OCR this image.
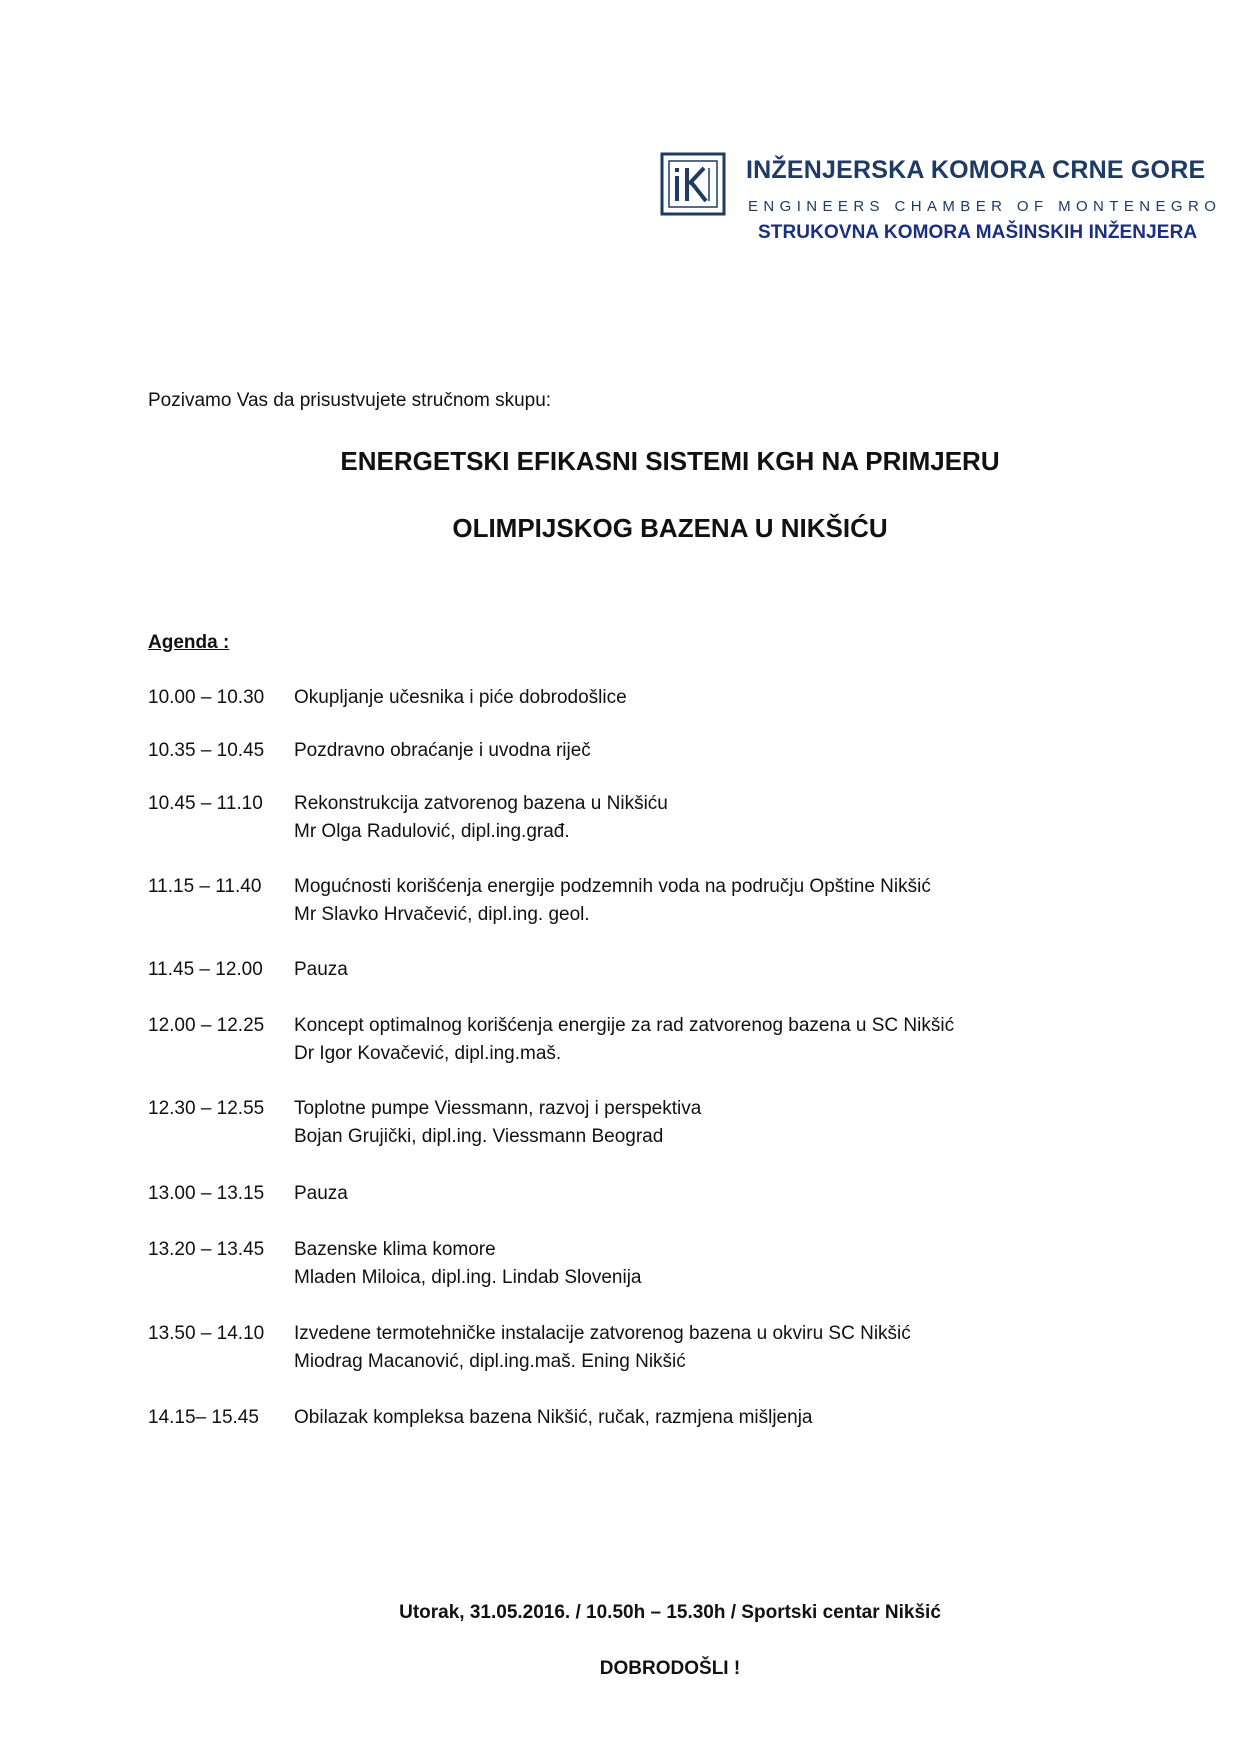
INŽENJERSKA KOMORA CRNE GORE
ENGINEERS CHAMBER OF MONTENEGRO
STRUKOVNA KOMORA MAŠINSKIH INŽENJERA
Pozivamo Vas da prisustvujete stručnom skupu:
ENERGETSKI EFIKASNI SISTEMI KGH NA PRIMJERU
OLIMPIJSKOG BAZENA U NIKŠIĆU
Agenda :
10.00 – 10.30	Okupljanje učesnika i piće dobrodošlice
10.35 – 10.45	Pozdravno obraćanje i uvodna riječ
10.45 – 11.10	Rekonstrukcija zatvorenog bazena u Nikšiću
Mr Olga Radulović, dipl.ing.građ.
11.15 – 11.40	Mogućnosti korišćenja energije podzemnih voda na području Opštine Nikšić
Mr Slavko Hrvačević, dipl.ing. geol.
11.45 – 12.00	Pauza
12.00 – 12.25	Koncept optimalnog korišćenja energije za rad zatvorenog bazena u SC Nikšić
Dr Igor Kovačević, dipl.ing.maš.
12.30 – 12.55	Toplotne pumpe Viessmann, razvoj i perspektiva
Bojan Grujički, dipl.ing. Viessmann Beograd
13.00 – 13.15	Pauza
13.20 – 13.45	Bazenske klima komore
Mladen Miloica, dipl.ing. Lindab Slovenija
13.50 – 14.10	Izvedene termotehničke instalacije zatvorenog bazena u okviru SC Nikšić
Miodrag Macanović, dipl.ing.maš. Ening Nikšić
14.15– 15.45	Obilazak kompleksa bazena Nikšić, ručak, razmjena mišljenja
Utorak, 31.05.2016. / 10.50h – 15.30h / Sportski centar Nikšić
DOBRODOŠLI !
